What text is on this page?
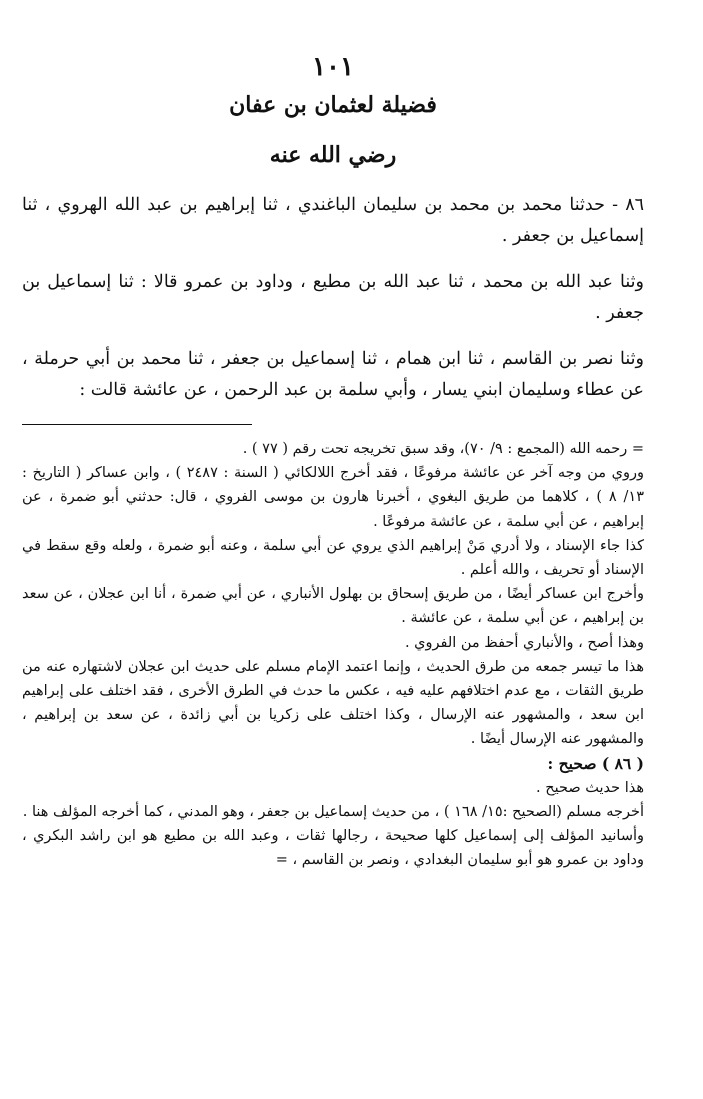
١٠١
فضيلة لعثمان بن عفان
رضي الله عنه

٨٦ - حدثنا محمد بن محمد بن سليمان الباغندي ، ثنا إبراهيم بن عبد الله الهروي ، ثنا إسماعيل بن جعفر .

وثنا عبد الله بن محمد ، ثنا عبد الله بن مطيع ، وداود بن عمرو قالا : ثنا إسماعيل بن جعفر .

وثنا نصر بن القاسم ، ثنا ابن همام ، ثنا إسماعيل بن جعفر ، ثنا محمد بن أبي حرملة ، عن عطاء وسليمان ابني يسار ، وأبي سلمة بن عبد الرحمن ، عن عائشة قالت :

= رحمه الله (المجمع : ٩/ ٧٠)، وقد سبق تخريجه تحت رقم ( ٧٧ ) .

وروي من وجه آخر عن عائشة مرفوعًا ، فقد أخرج اللالكائي ( السنة : ٢٤٨٧ ) ، وابن عساكر ( التاريخ : ١٣/ ٨ ) ، كلاهما من طريق البغوي ، أخبرنا هارون بن موسى الفروي ، قال: حدثني أبو ضمرة ، عن إبراهيم ، عن أبي سلمة ، عن عائشة مرفوعًا .

كذا جاء الإسناد ، ولا أدري مَنْ إبراهيم الذي يروي عن أبي سلمة ، وعنه أبو ضمرة ، ولعله وقع سقط في الإسناد أو تحريف ، والله أعلم .

وأخرج ابن عساكر أيضًا ، من طريق إسحاق بن بهلول الأنباري ، عن أبي ضمرة ، أنا ابن عجلان ، عن سعد بن إبراهيم ، عن أبي سلمة ، عن عائشة .

وهذا أصح ، والأنباري أحفظ من الفروي .

هذا ما تيسر جمعه من طرق الحديث ، وإنما اعتمد الإمام مسلم على حديث ابن عجلان لاشتهاره عنه من طريق الثقات ، مع عدم اختلافهم عليه فيه ، عكس ما حدث في الطرق الأخرى ، فقد اختلف على إبراهيم ابن سعد ، والمشهور عنه الإرسال ، وكذا اختلف على زكريا بن أبي زائدة ، عن سعد بن إبراهيم ، والمشهور عنه الإرسال أيضًا .

( ٨٦ ) صحيح :

هذا حديث صحيح .

أخرجه مسلم (الصحيح :١٥/ ١٦٨ ) ، من حديث إسماعيل بن جعفر ، وهو المدني ، كما أخرجه المؤلف هنا .

وأسانيد المؤلف إلى إسماعيل كلها صحيحة ، رجالها ثقات ، وعبد الله بن مطيع هو ابن راشد البكري ، وداود بن عمرو هو أبو سليمان البغدادي ، ونصر بن القاسم ، =
